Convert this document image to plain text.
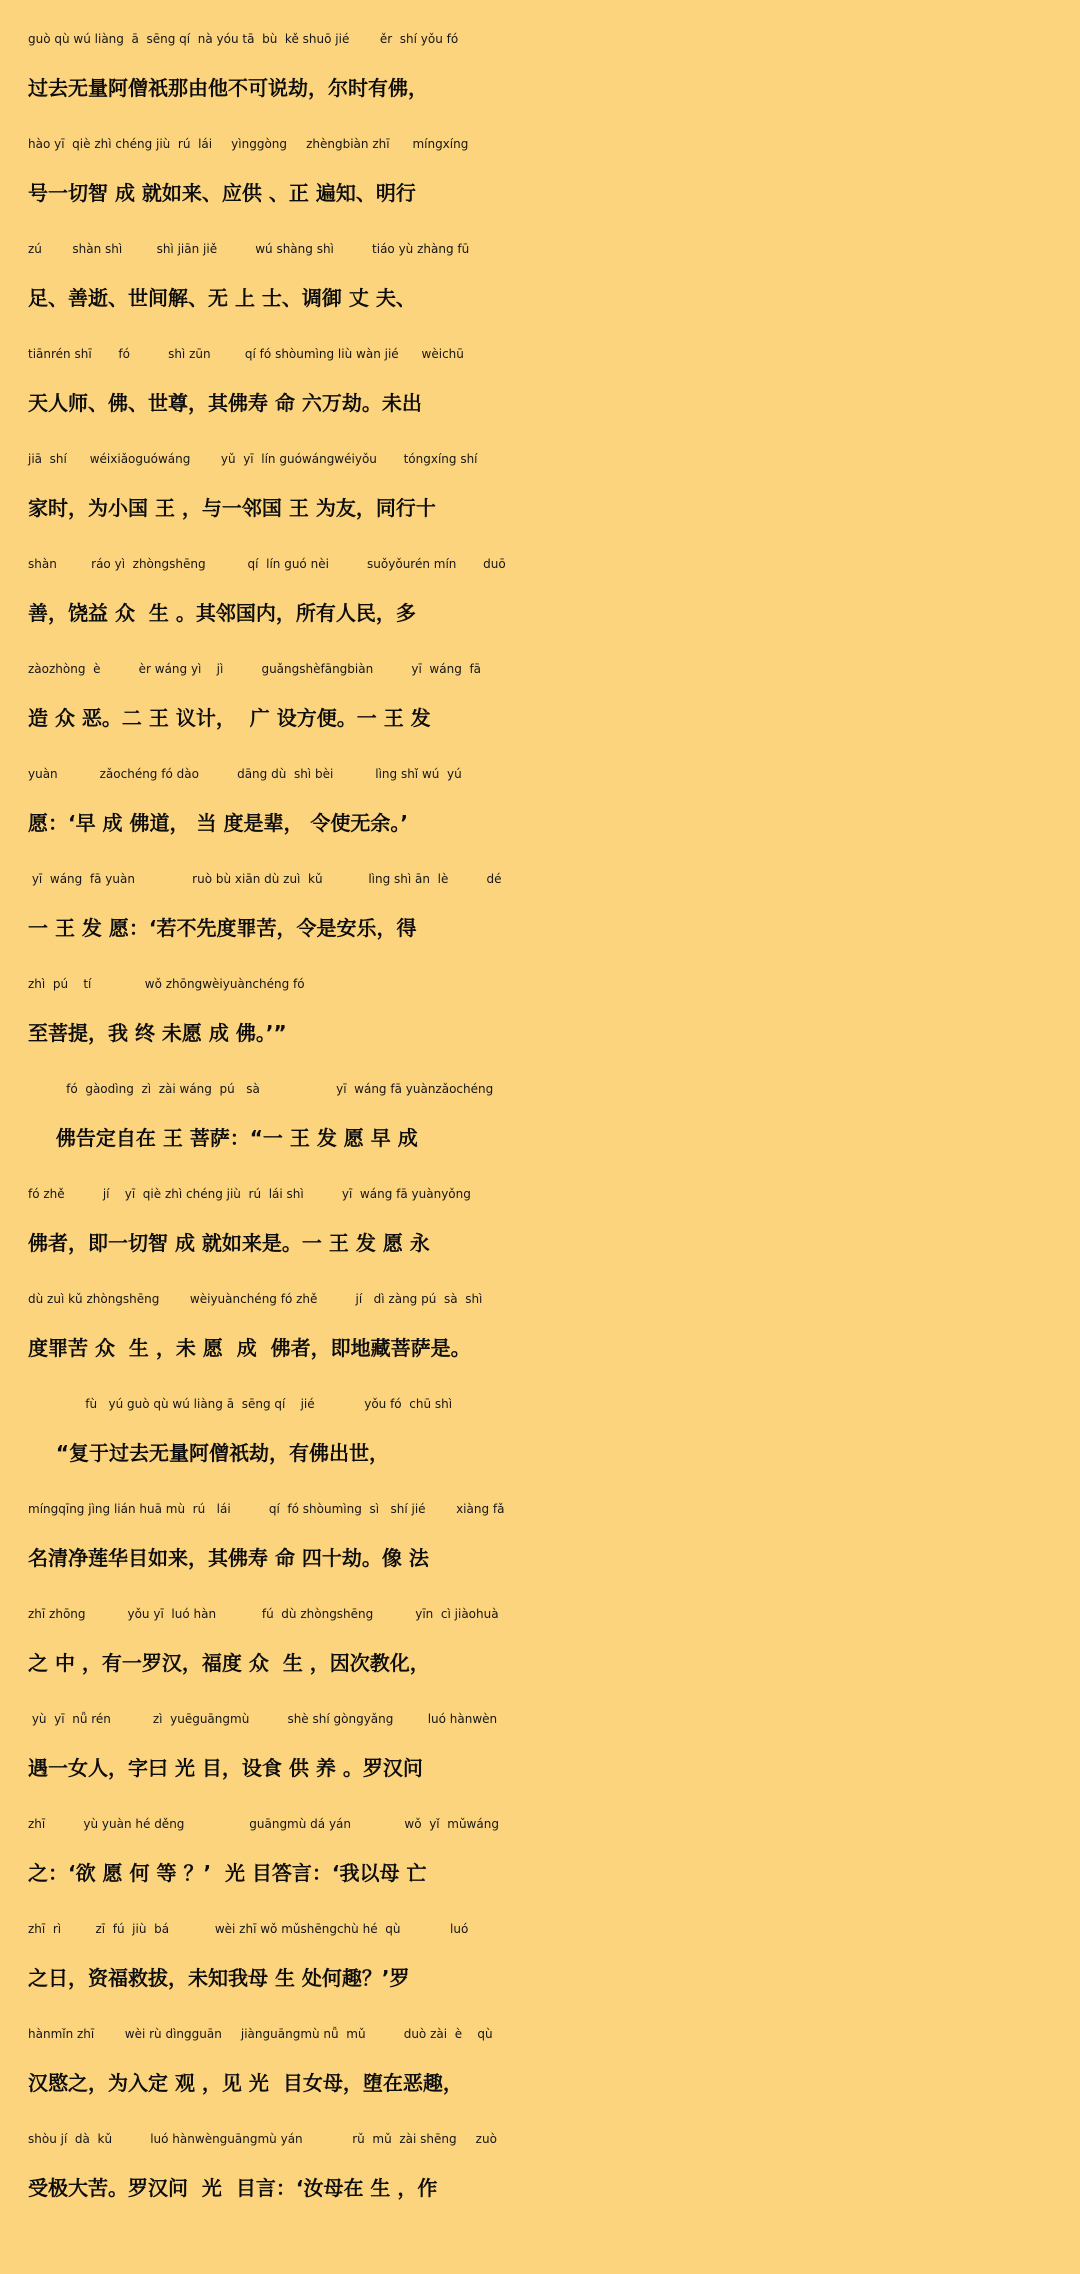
guò qù wú liàng  ā  sēng qí  nà yóu tā  bù  kě shuō jié        ěr  shí yǒu fó
过去无量阿僧祇那由他不可说劫，尔时有佛，
hào yī  qiè zhì chéng jiù  rú  lái     yìnggòng     zhèngbiàn zhī      míngxíng
号一切智 成 就如来、应供 、正 遍知、明行
zú        shàn shì         shì jiān jiě          wú shàng shì          tiáo yù zhàng fū
足、善逝、世间解、无 上 士、调御 丈 夫、
tiānrén shī       fó          shì zūn         qí fó shòumìng liù wàn jié      wèichū
天人师、佛、世尊，其佛寿 命 六万劫。未出
jiā  shí      wéixiǎoguówáng        yǔ  yī  lín guówángwéiyǒu       tóngxíng shí
家时，为小国 王 ，与一邻国 王 为友，同行十
shàn         ráo yì  zhòngshēng           qí  lín guó nèi          suǒyǒurén mín       duō
善，饶益 众  生 。其邻国内，所有人民，多
zàozhòng  è          èr wáng yì    jì          guǎngshèfāngbiàn          yī  wáng  fā
造 众 恶。二 王 议计，  广 设方便。一 王 发
yuàn           zǎochéng fó dào          dāng dù  shì bèi           lìng shǐ wú  yú
愿：‘早 成 佛道， 当 度是辈， 令使无余。’
yī  wáng  fā yuàn               ruò bù xiān dù zuì  kǔ            lìng shì ān  lè          dé
一 王 发 愿：‘若不先度罪苦，令是安乐，得
zhì  pú    tí              wǒ zhōngwèiyuànchéng fó
至菩提，我 终 未愿 成 佛。’”
fó  gàodìng  zì  zài wáng  pú   sà                    yī  wáng fā yuànzǎochéng
佛告定自在 王 菩萨：“一 王 发 愿 早 成
fó zhě          jí    yī  qiè zhì chéng jiù  rú  lái shì          yī  wáng fā yuànyǒng
佛者，即一切智 成 就如来是。一 王 发 愿 永
dù zuì kǔ zhòngshēng        wèiyuànchéng fó zhě          jí   dì zàng pú  sà  shì
度罪苦 众  生 ，未 愿  成  佛者，即地藏菩萨是。
fù   yú guò qù wú liàng ā  sēng qí    jié             yǒu fó  chū shì
“复于过去无量阿僧祇劫，有佛出世，
míngqīng jìng lián huā mù  rú   lái          qí  fó shòumìng  sì   shí jié        xiàng fǎ
名清净莲华目如来，其佛寿 命 四十劫。像 法
zhī zhōng           yǒu yī  luó hàn            fú  dù zhòngshēng           yīn  cì jiàohuà
之 中 ，有一罗汉，福度 众  生 ，因次教化，
yù  yī  nǚ rén           zì  yuēguāngmù          shè shí gòngyǎng         luó hànwèn
遇一女人，字曰 光 目，设食 供 养 。罗汉问
zhī          yù yuàn hé děng                 guāngmù dá yán              wǒ  yǐ  mǔwáng
之：‘欲 愿 何 等 ？’  光 目答言：‘我以母 亡
zhī  rì         zī  fú  jiù  bá            wèi zhī wǒ mǔshēngchù hé  qù             luó
之日，资福救拔，未知我母 生 处何趣？’罗
hànmǐn zhī        wèi rù dìngguān     jiànguāngmù nǚ  mǔ          duò zài  è    qù
汉愍之，为入定 观 ，见 光  目女母，堕在恶趣，
shòu jí  dà  kǔ          luó hànwènguāngmù yán             rǔ  mǔ  zài shēng     zuò
受极大苦。罗汉问  光  目言：‘汝母在 生 ，作
